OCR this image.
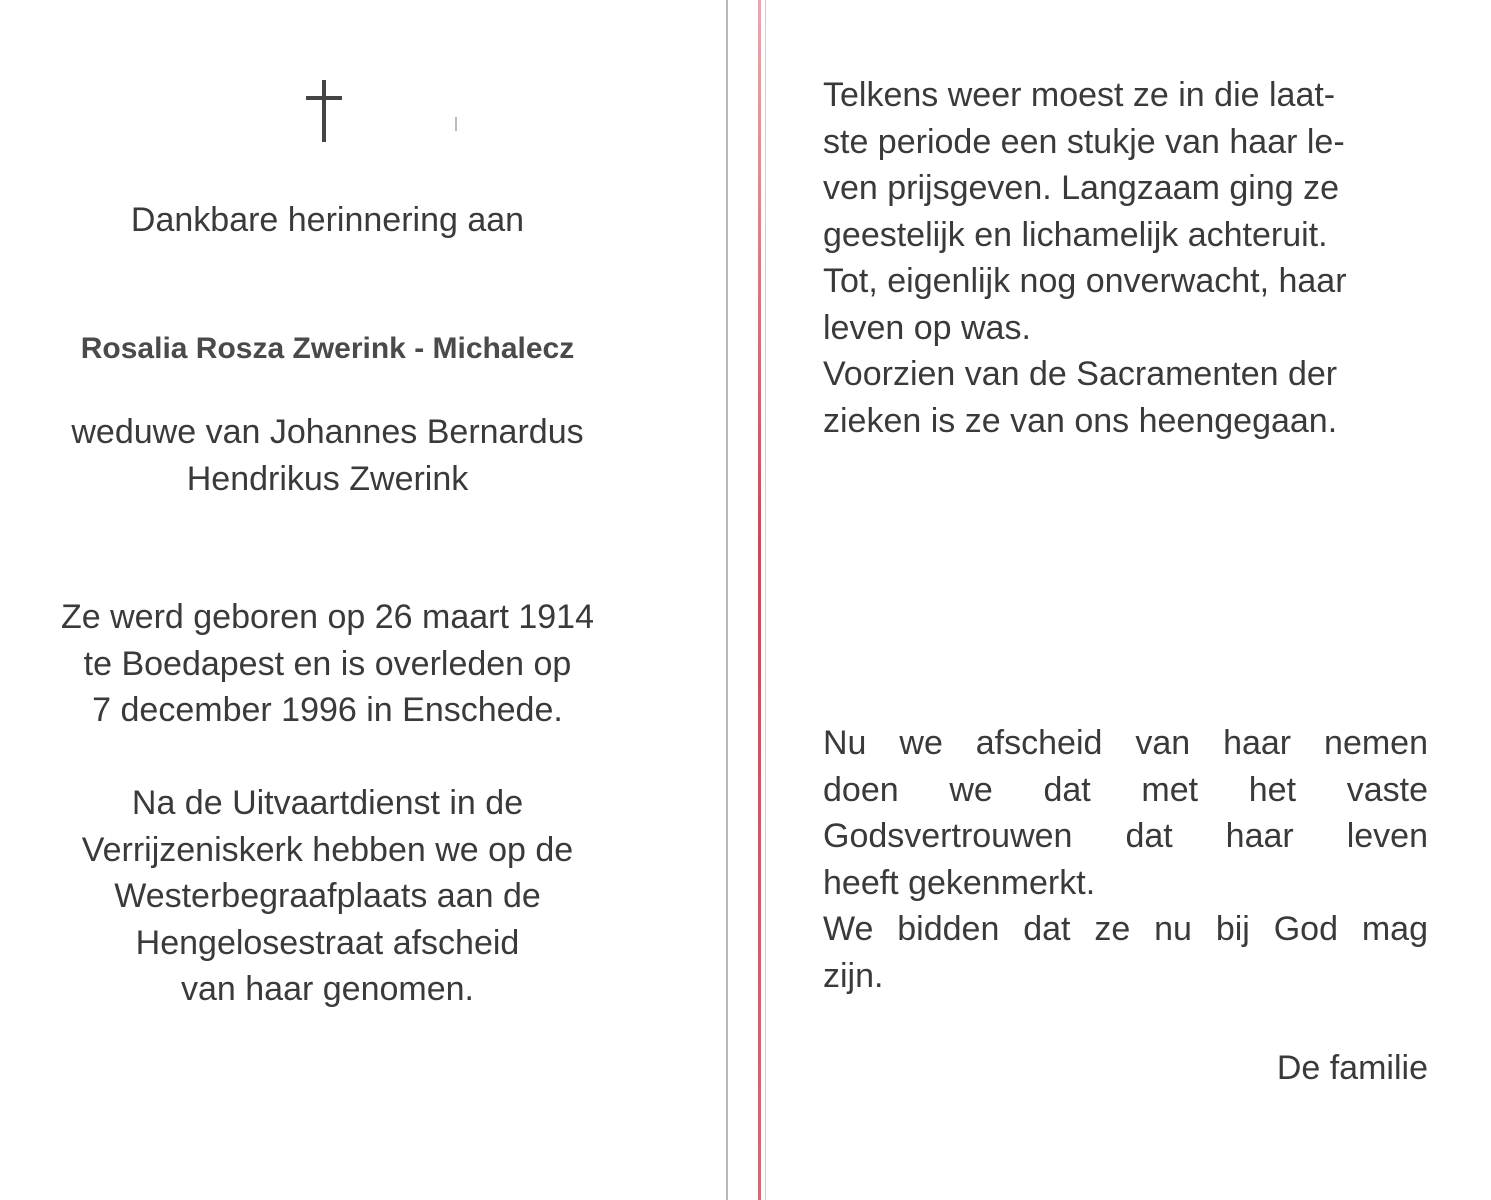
Dankbare herinnering aan

Rosalia Rosza Zwerink - Michalecz

weduwe van Johannes Bernardus
Hendrikus Zwerink
Ze werd geboren op 26 maart 1914
te Boedapest en is overleden op
7 december 1996 in Enschede.
Na de Uitvaartdienst in de
Verrijzeniskerk hebben we op de
Westerbegraafplaats aan de
Hengelosestraat afscheid
van haar genomen.
Telkens weer moest ze in die laat-
ste periode een stukje van haar le-
ven prijsgeven. Langzaam ging ze
geestelijk en lichamelijk achteruit.
Tot, eigenlijk nog onverwacht, haar
leven op was.
Voorzien van de Sacramenten der
zieken is ze van ons heengegaan.
Nu we afscheid van haar nemen
doen we dat met het vaste
Godsvertrouwen dat haar leven
heeft gekenmerkt.
We bidden dat ze nu bij God mag
zijn.

De familie
